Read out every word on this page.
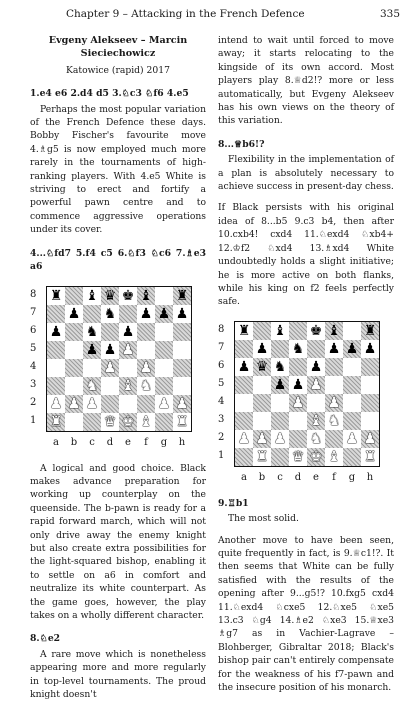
Chapter 9 – Attacking in the French Defence	335

Evgeny Alekseev – Marcin Sieciechowicz

Katowice (rapid) 2017

1.e4 e6 2.d4 d5 3.♘c3 ♘f6 4.e5

Perhaps the most popular variation of the French Defence these days. Bobby Fischer's favourite move 4.♗g5 is now employed much more rarely in the tournaments of high-ranking players. With 4.e5 White is striving to erect and fortify a powerful pawn centre and to commence aggressive operations under its cover.

4...♘fd7 5.f4 c5 6.♘f3 ♘c6 7.♗e3 a6

8
7
6
5
4
3
2
1
♜ ♝ ♛ ♚ ♝ ♜
♟ ♞ ♟ ♟ ♟
♟ ♞ ♟
♟ ♟ ♟
♟ ♟
♞ ♝ ♞
♟ ♟ ♟	♟ ♟
♜	♛ ♚ ♝ ♜
a b c d e f g h

A logical and good choice. Black makes advance preparation for working up counterplay on the queenside. The b-pawn is ready for a rapid forward march, which will not only drive away the enemy knight but also create extra possibilities for the light-squared bishop, enabling it to settle on a6 in comfort and neutralize its white counterpart. As the game goes, however, the play takes on a wholly different character.

8.♘e2

A rare move which is nonetheless appearing more and more regularly in top-level tournaments. The proud knight doesn't

intend to wait until forced to move away; it starts relocating to the kingside of its own accord. Most players play 8.♕d2!? more or less automatically, but Evgeny Alekseev has his own views on the theory of this variation.

8...♕b6!?

Flexibility in the implementation of a plan is absolutely necessary to achieve success in present-day chess.

If Black persists with his original idea of 8...b5 9.c3 b4, then after 10.cxb4! cxd4 11.♘exd4 ♘xb4+ 12.♔f2 ♘xd4 13.♗xd4 White undoubtedly holds a slight initiative; he is more active on both flanks, while his king on f2 feels perfectly safe.

8
7
6
5
4
3
2
1
♜ ♝ ♚ ♝ ♜
♟ ♞ ♟ ♟ ♟
♟ ♛ ♞ ♟
♟ ♟ ♟
♟ ♟
♝ ♞
♟ ♟ ♟ ♞ ♟ ♟
♜ ♛ ♚ ♝ ♜
a b c d e f g h

9.♖b1

The most solid.

Another move to have been seen, quite frequently in fact, is 9.♕c1!?. It then seems that White can be fully satisfied with the results of the opening after 9...g5!? 10.fxg5 cxd4 11.♘exd4 ♘cxe5 12.♘xe5 ♘xe5 13.c3 ♘g4 14.♗e2 ♘xe3 15.♕xe3 ♗g7 as in Vachier-Lagrave – Blohberger, Gibraltar 2018; Black's bishop pair can't entirely compensate for the weakness of his f7-pawn and the insecure position of his monarch.
